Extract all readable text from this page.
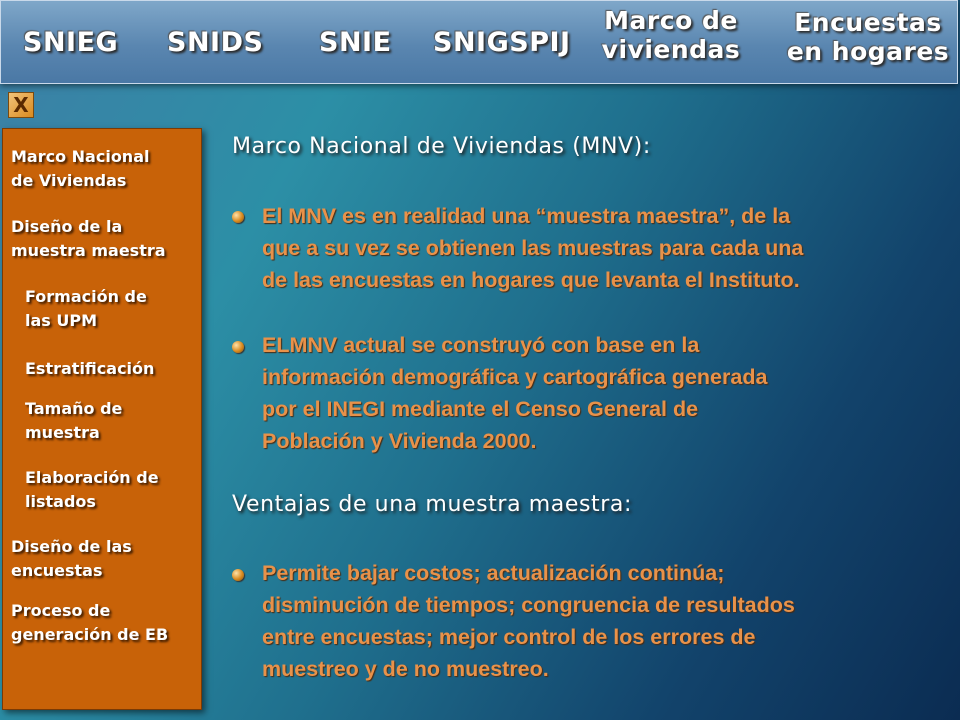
SNIEG SNIDS SNIE SNIGSPIJ
Marco de
viviendas
Encuestas
en hogares
X
Marco Nacional
de Viviendas
Diseño de la
muestra maestra
Formación de
las UPM
Estratificación
Tamaño de
muestra
Elaboración de
listados
Diseño de las
encuestas
Proceso de
generación de EB
Marco Nacional de Viviendas (MNV):
El MNV es en realidad una “muestra maestra”, de la
que a su vez se obtienen las muestras para cada una
de las encuestas en hogares que levanta el Instituto.
ELMNV actual se construyó con base en la
información demográfica y cartográfica generada
por el INEGI mediante el Censo General de
Población y Vivienda 2000.
Ventajas de una muestra maestra:
Permite bajar costos; actualización continúa;
disminución de tiempos; congruencia de resultados
entre encuestas; mejor control de los errores de
muestreo y de no muestreo.
